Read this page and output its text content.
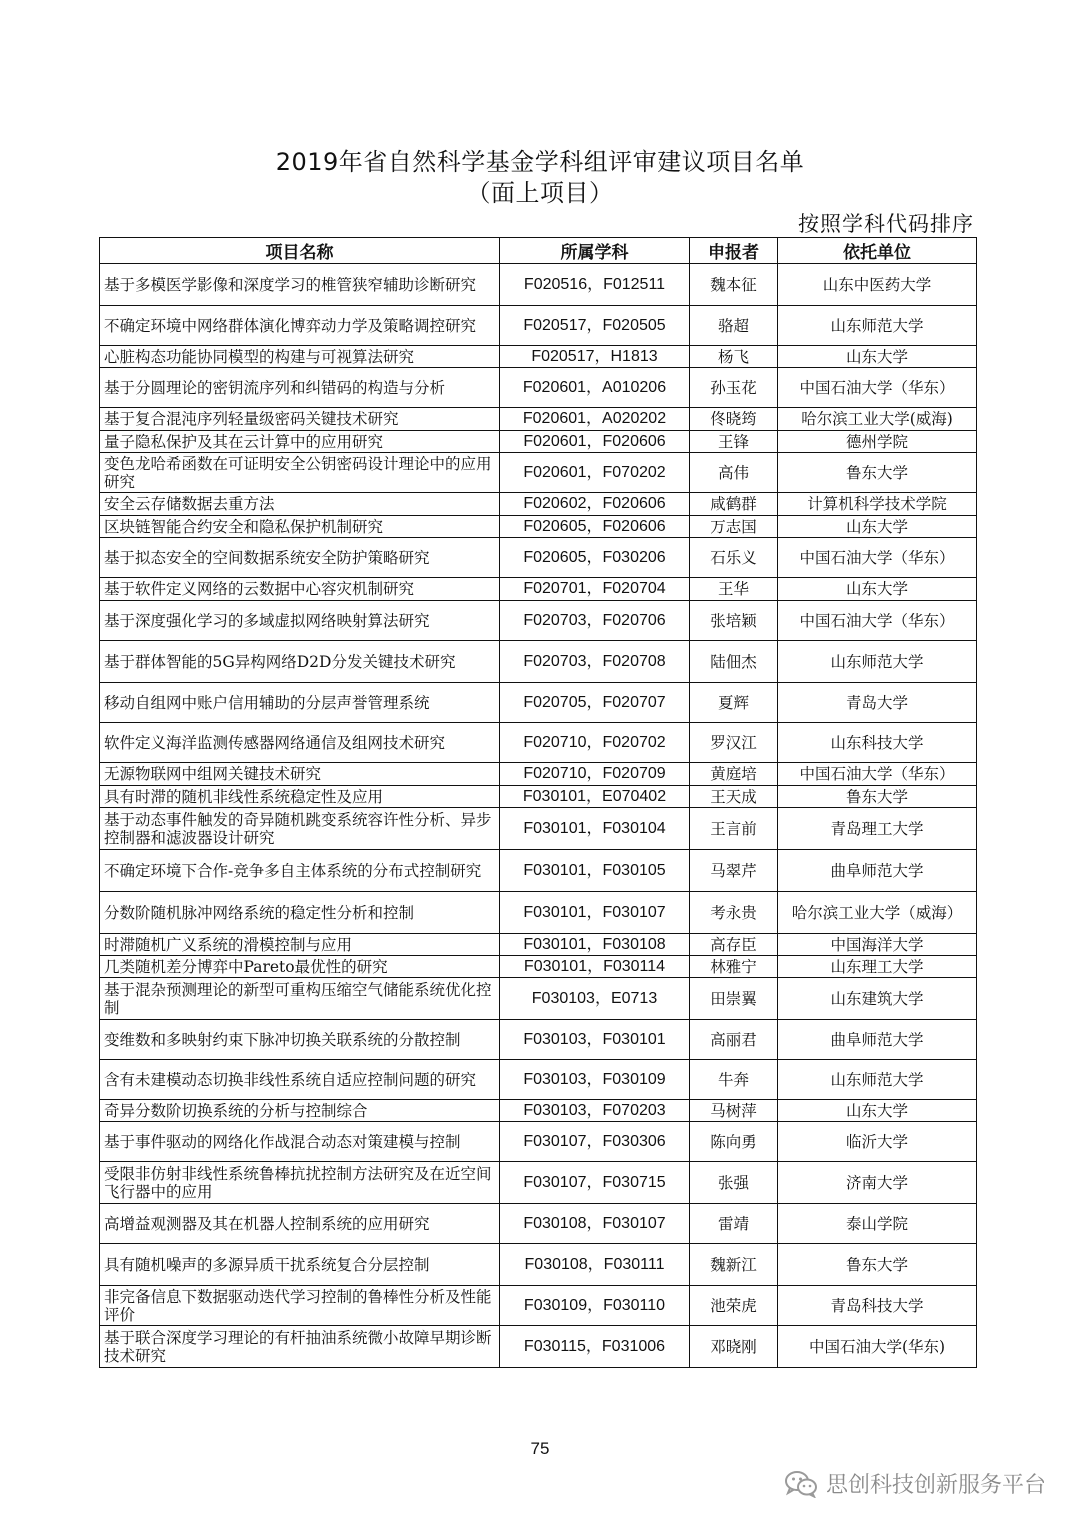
2019年省自然科学基金学科组评审建议项目名单
（面上项目）
按照学科代码排序
项目名称	所属学科	申报者	依托单位
基于多模医学影像和深度学习的椎管狭窄辅助诊断研究	F020516，F012511	魏本征	山东中医药大学
不确定环境中网络群体演化博弈动力学及策略调控研究	F020517，F020505	骆超	山东师范大学
心脏构态功能协同模型的构建与可视算法研究	F020517，H1813	杨飞	山东大学
基于分圆理论的密钥流序列和纠错码的构造与分析	F020601，A010206	孙玉花	中国石油大学（华东）
基于复合混沌序列轻量级密码关键技术研究	F020601，A020202	佟晓筠	哈尔滨工业大学(威海)
量子隐私保护及其在云计算中的应用研究	F020601，F020606	王锋	德州学院
变色龙哈希函数在可证明安全公钥密码设计理论中的应用研究	F020601，F070202	高伟	鲁东大学
安全云存储数据去重方法	F020602，F020606	咸鹤群	计算机科学技术学院
区块链智能合约安全和隐私保护机制研究	F020605，F020606	万志国	山东大学
基于拟态安全的空间数据系统安全防护策略研究	F020605，F030206	石乐义	中国石油大学（华东）
基于软件定义网络的云数据中心容灾机制研究	F020701，F020704	王华	山东大学
基于深度强化学习的多域虚拟网络映射算法研究	F020703，F020706	张培颖	中国石油大学（华东）
基于群体智能的5G异构网络D2D分发关键技术研究	F020703，F020708	陆佃杰	山东师范大学
移动自组网中账户信用辅助的分层声誉管理系统	F020705，F020707	夏辉	青岛大学
软件定义海洋监测传感器网络通信及组网技术研究	F020710，F020702	罗汉江	山东科技大学
无源物联网中组网关键技术研究	F020710，F020709	黄庭培	中国石油大学（华东）
具有时滞的随机非线性系统稳定性及应用	F030101，E070402	王天成	鲁东大学
基于动态事件触发的奇异随机跳变系统容许性分析、异步控制器和滤波器设计研究	F030101，F030104	王言前	青岛理工大学
不确定环境下合作-竞争多自主体系统的分布式控制研究	F030101，F030105	马翠芹	曲阜师范大学
分数阶随机脉冲网络系统的稳定性分析和控制	F030101，F030107	考永贵	哈尔滨工业大学（威海）
时滞随机广义系统的滑模控制与应用	F030101，F030108	高存臣	中国海洋大学
几类随机差分博弈中Pareto最优性的研究	F030101，F030114	林雅宁	山东理工大学
基于混杂预测理论的新型可重构压缩空气储能系统优化控制	F030103，E0713	田崇翼	山东建筑大学
变维数和多映射约束下脉冲切换关联系统的分散控制	F030103，F030101	高丽君	曲阜师范大学
含有未建模动态切换非线性系统自适应控制问题的研究	F030103，F030109	牛奔	山东师范大学
奇异分数阶切换系统的分析与控制综合	F030103，F070203	马树萍	山东大学
基于事件驱动的网络化作战混合动态对策建模与控制	F030107，F030306	陈向勇	临沂大学
受限非仿射非线性系统鲁棒抗扰控制方法研究及在近空间飞行器中的应用	F030107，F030715	张强	济南大学
高增益观测器及其在机器人控制系统的应用研究	F030108，F030107	雷靖	泰山学院
具有随机噪声的多源异质干扰系统复合分层控制	F030108，F030111	魏新江	鲁东大学
非完备信息下数据驱动迭代学习控制的鲁棒性分析及性能评价	F030109，F030110	池荣虎	青岛科技大学
基于联合深度学习理论的有杆抽油系统微小故障早期诊断技术研究	F030115，F031006	邓晓刚	中国石油大学(华东)
75
思创科技创新服务平台
